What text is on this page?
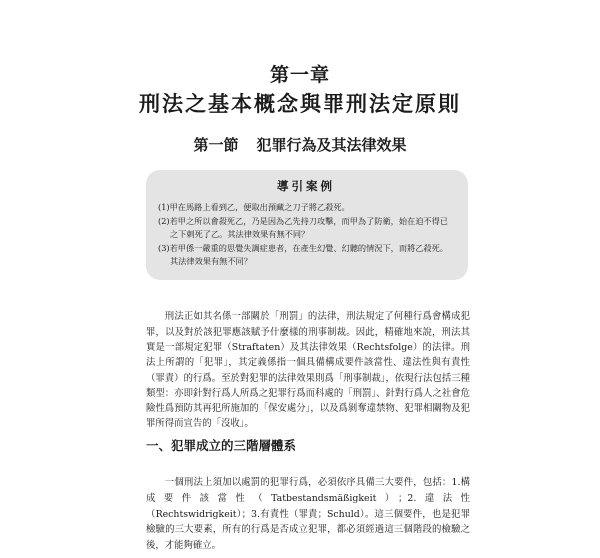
第一章
刑法之基本概念與罪刑法定原則
第一節 犯罪行為及其法律效果
導引案例
(1)甲在馬路上看到乙，便取出預藏之刀子將乙殺死。
(2)若甲之所以會殺死乙，乃是因為乙先持刀攻擊，而甲為了防衛，始在迫不得已之下刺死了乙。其法律效果有無不同？
(3)若甲係一嚴重的思覺失調症患者，在產生幻覺、幻聽的情況下，而將乙殺死。其法律效果有無不同？

刑法正如其名係一部關於「刑罰」的法律，刑法規定了何種行爲會構成犯罪，以及對於該犯罪應該賦予什麼樣的刑事制裁。因此，精確地來說，刑法其實是一部規定犯罪（Straftaten）及其法律效果（Rechtsfolge）的法律。刑法上所謂的「犯罪」，其定義係指一個具備構成要件該當性、違法性與有責性（罪責）的行爲。至於對犯罪的法律效果則爲「刑事制裁」，依現行法包括三種類型：亦即針對行爲人所爲之犯罪行爲而科處的「刑罰」、針對行爲人之社會危險性爲預防其再犯所施加的「保安處分」，以及爲剝奪違禁物、犯罪相關物及犯罪所得而宣告的「沒收」。

一、犯罪成立的三階層體系

一個刑法上須加以處罰的犯罪行爲，必須依序具備三大要件，包括：1.構成要件該當性（Tatbestandsmäßigkeit）；2.違法性（Rechtswidrigkeit）；3.有責性（罪責；Schuld）。這三個要件，也是犯罪檢驗的三大要素，所有的行爲是否成立犯罪，都必須經過這三個階段的檢驗之後，才能夠確立。
